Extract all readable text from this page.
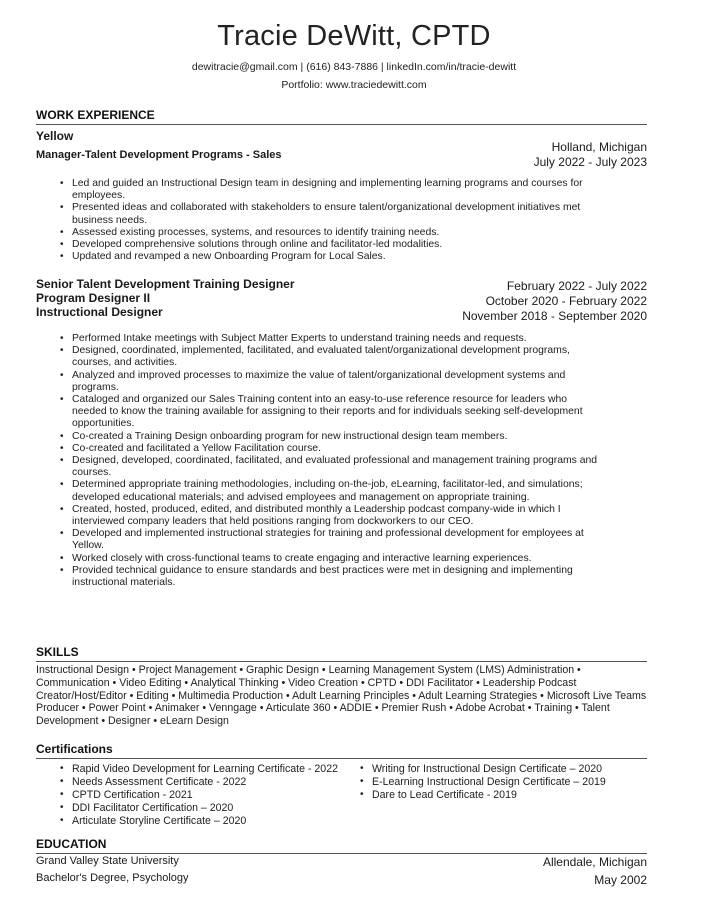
Tracie DeWitt, CPTD
dewitracie@gmail.com | (616) 843-7886 | linkedIn.com/in/tracie-dewitt
Portfolio: www.traciedewitt.com
WORK EXPERIENCE
Yellow
Manager-Talent Development Programs - Sales
Holland, Michigan
July 2022 - July 2023
• Led and guided an Instructional Design team in designing and implementing learning programs and courses for employees.
• Presented ideas and collaborated with stakeholders to ensure talent/organizational development initiatives met business needs.
• Assessed existing processes, systems, and resources to identify training needs.
• Developed comprehensive solutions through online and facilitator-led modalities.
• Updated and revamped a new Onboarding Program for Local Sales.
Senior Talent Development Training Designer
Program Designer II
Instructional Designer
February 2022 - July 2022
October 2020 - February 2022
November 2018 - September 2020
• Performed Intake meetings with Subject Matter Experts to understand training needs and requests.
• Designed, coordinated, implemented, facilitated, and evaluated talent/organizational development programs, courses, and activities.
• Analyzed and improved processes to maximize the value of talent/organizational development systems and programs.
• Cataloged and organized our Sales Training content into an easy-to-use reference resource for leaders who needed to know the training available for assigning to their reports and for individuals seeking self-development opportunities.
• Co-created a Training Design onboarding program for new instructional design team members.
• Co-created and facilitated a Yellow Facilitation course.
• Designed, developed, coordinated, facilitated, and evaluated professional and management training programs and courses.
• Determined appropriate training methodologies, including on-the-job, eLearning, facilitator-led, and simulations; developed educational materials; and advised employees and management on appropriate training.
• Created, hosted, produced, edited, and distributed monthly a Leadership podcast company-wide in which I interviewed company leaders that held positions ranging from dockworkers to our CEO.
• Developed and implemented instructional strategies for training and professional development for employees at Yellow.
• Worked closely with cross-functional teams to create engaging and interactive learning experiences.
• Provided technical guidance to ensure standards and best practices were met in designing and implementing instructional materials.
SKILLS
Instructional Design • Project Management • Graphic Design • Learning Management System (LMS) Administration • Communication • Video Editing • Analytical Thinking • Video Creation • CPTD • DDI Facilitator • Leadership Podcast Creator/Host/Editor • Editing • Multimedia Production • Adult Learning Principles • Adult Learning Strategies • Microsoft Live Teams Producer • Power Point • Animaker • Venngage • Articulate 360 • ADDIE • Premier Rush • Adobe Acrobat • Training • Talent Development • Designer • eLearn Design
Certifications
• Rapid Video Development for Learning Certificate - 2022
• Needs Assessment Certificate - 2022
• CPTD Certification - 2021
• DDI Facilitator Certification – 2020
• Articulate Storyline Certificate – 2020
• Writing for Instructional Design Certificate – 2020
• E-Learning Instructional Design Certificate – 2019
• Dare to Lead Certificate - 2019
EDUCATION
Grand Valley State University
Bachelor's Degree, Psychology
Allendale, Michigan
May 2002
